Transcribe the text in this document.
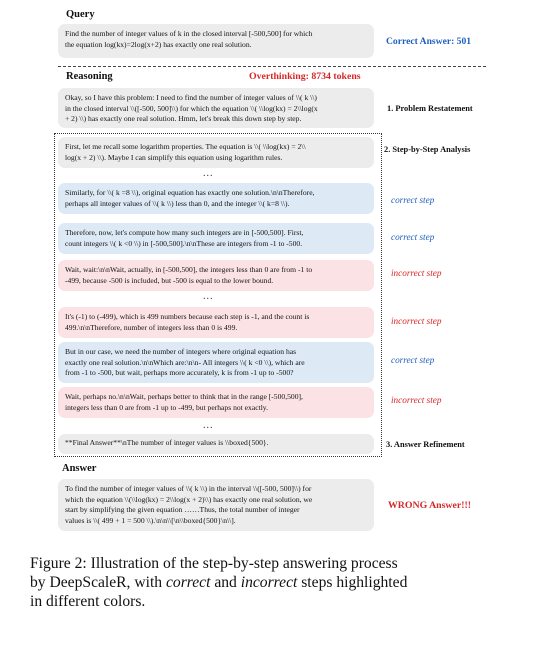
Query
Find the number of integer values of k in the closed interval [-500,500] for which
the equation log(kx)=2log(x+2) has exactly one real solution.	Correct Answer: 501
Reasoning	Overthinking: 8734 tokens
Okay, so I have this problem: I need to find the number of integer values of \\( k \\)
in the closed interval \\([-500, 500]\\) for which the equation \\( \\log(kx) = 2\\log(x
+ 2) \\) has exactly one real solution. Hmm, let's break this down step by step.
1. Problem Restatement
2. Step-by-Step Analysis
First, let me recall some logarithm properties. The equation is \\( \\log(kx) = 2\\
log(x + 2) \\). Maybe I can simplify this equation using logarithm rules.
...
Similarly, for \\( k =8 \\), original equation has exactly one solution.\n\nTherefore,
perhaps all integer values of \\( k \\) less than 0, and the integer \\( k=8 \\).	correct step
Therefore, now, let's compute how many such integers are in [-500,500]. First,
count integers \\( k <0 \\) in [-500,500].\n\nThese are integers from -1 to -500.
correct step
Wait, wait:\n\nWait, actually, in [-500,500], the integers less than 0 are from -1 to
-499, because -500 is included, but -500 is equal to the lower bound.
incorrect step
...
It's (-1) to (-499), which is 499 numbers because each step is -1, and the count is
499.\n\nTherefore, number of integers less than 0 is 499.
incorrect step
But in our case, we need the number of integers where original equation has
exactly one real solution.\n\nWhich are:\n\n- All integers \\( k <0 \\), which are
from -1 to -500, but wait, perhaps more accurately, k is from -1 up to -500?
correct step
Wait, perhaps no.\n\nWait, perhaps better to think that in the range [-500,500],
integers less than 0 are from -1 up to -499, but perhaps not exactly.
incorrect step
...
**Final Answer**\nThe number of integer values is \\boxed{500}.	3. Answer Refinement
Answer
To find the number of integer values of \\( k \\) in the interval \\([-500, 500]\\) for
which the equation \\(\\log(kx) = 2\\log(x + 2)\\) has exactly one real solution, we
start by simplifying the given equation ……Thus, the total number of integer
values is \\( 499 + 1 = 500 \\).\n\n\\[\n\\boxed{500}\n\\].
WRONG Answer!!!
Figure 2: Illustration of the step-by-step answering process
by DeepScaleR, with correct and incorrect steps highlighted
in different colors.
